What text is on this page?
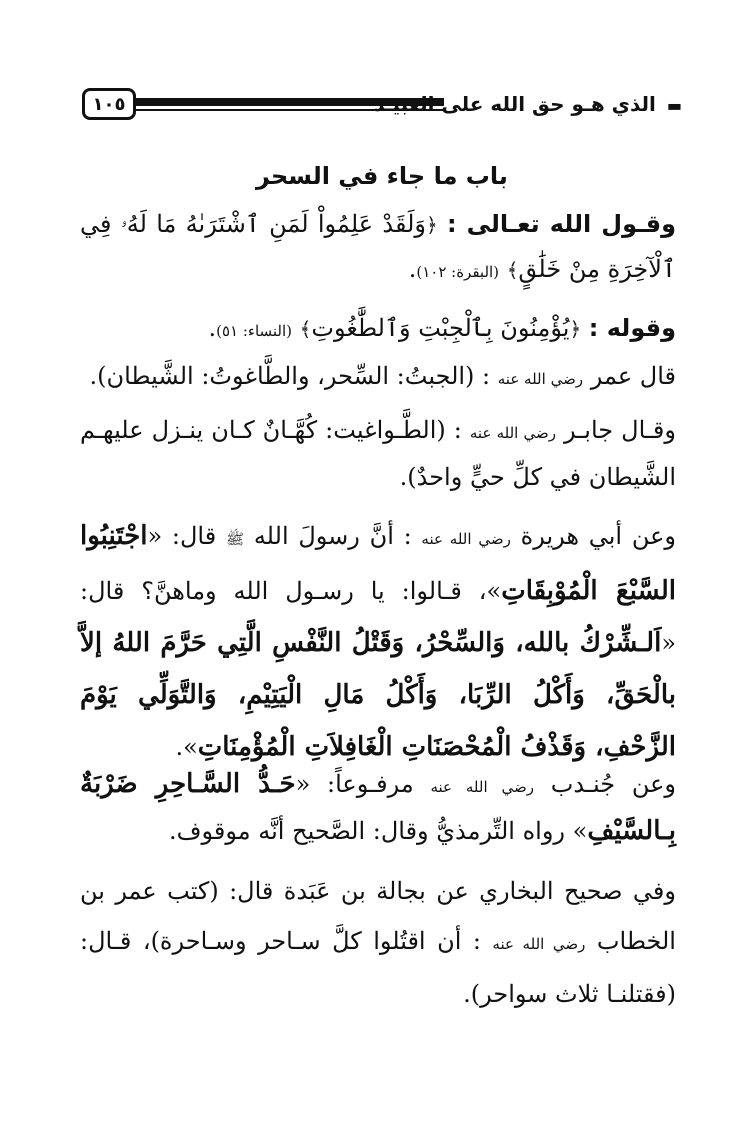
١٠٥	▬ الذي هـو حق الله على العبيـد
باب ما جاء في السحر

وقـول الله تعـالى : ﴿وَلَقَدْ عَلِمُواْ لَمَنِ ٱشْتَرَىٰهُ مَا لَهُۥ فِي ٱلْآخِرَةِ مِنْ خَلَٰقٍ﴾ (البقرة: ١٠٢).

وقوله : ﴿يُؤْمِنُونَ بِٱلْجِبْتِ وَٱلطَّٰغُوتِ﴾ (النساء: ٥١).

قال عمر رضي الله عنه : (الجبتُ: السِّحر، والطَّاغوتُ: الشَّيطان).

وقـال جابـر رضي الله عنه : (الطَّـواغيت: كُهَّـانٌ كـان ينـزل عليهـم الشَّيطان في كلِّ حيٍّ واحدٌ).

وعن أبي هريرة رضي الله عنه : أنَّ رسولَ الله ﷺ قال: «اجْتَنِبُوا السَّبْعَ الْمُوْبِقَاتِ»، قـالوا: يا رسـول الله وماهنَّ؟ قال: «اَلـشِّرْكُ بالله، وَالسِّحْرُ، وَقَتْلُ النَّفْسِ الَّتِي حَرَّمَ اللهُ إلاَّ بالْحَقِّ، وَأَكْلُ الرِّبَا، وَأَكْلُ مَالِ الْيَتِيْمِ، وَالتَّوَلِّي يَوْمَ الزَّحْفِ، وَقَذْفُ الْمُحْصَنَاتِ الْغَافِلاَتِ الْمُؤْمِنَاتِ».

وعن جُنـدب رضي الله عنه مرفـوعاً: «حَـدُّ السَّـاحِرِ ضَرْبَةٌ بِـالسَّيْفِ» رواه التِّرمذيُّ وقال: الصَّحيح أنَّه موقوف.

وفي صحيح البخاري عن بجالة بن عَبَدة قال: (كتب عمر بن الخطاب رضي الله عنه : أن اقتُلوا كلَّ سـاحر وسـاحرة)، قـال: (فقتلنـا ثلاث سواحر).
